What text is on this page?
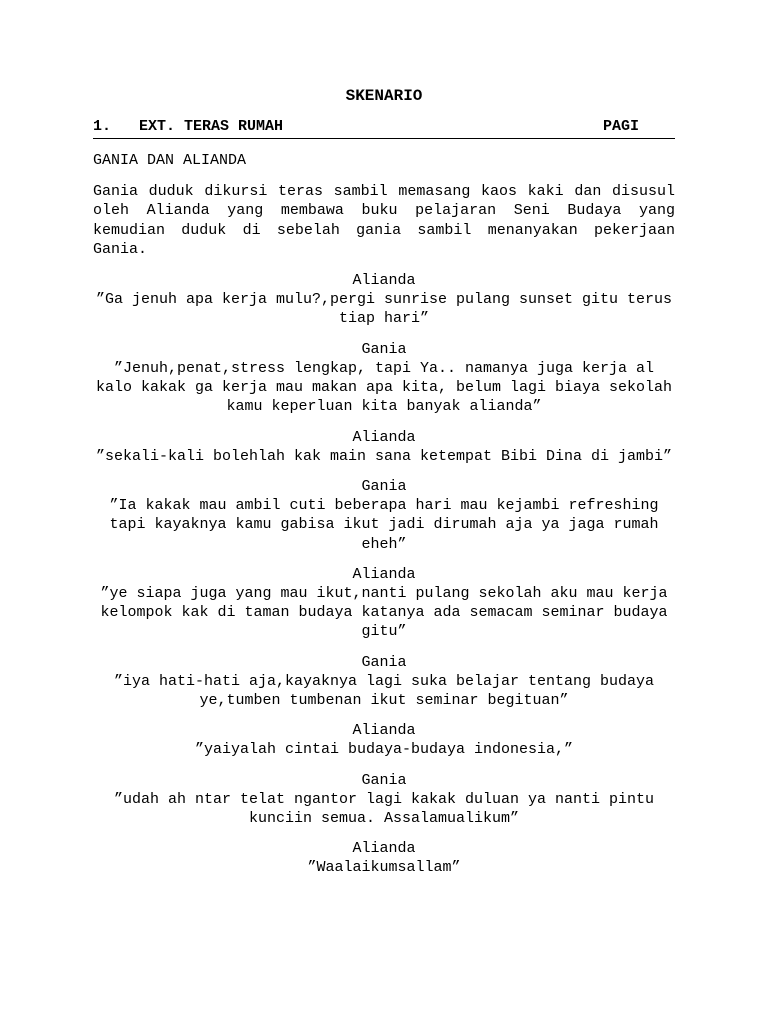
SKENARIO
1.	EXT. TERAS RUMAH	PAGI
GANIA DAN ALIANDA
Gania duduk dikursi teras sambil memasang kaos kaki dan disusul oleh Alianda yang membawa buku pelajaran Seni Budaya yang kemudian duduk di sebelah gania sambil menanyakan pekerjaan Gania.
Alianda
”Ga jenuh apa kerja mulu?,pergi sunrise pulang sunset gitu terus tiap hari”
Gania
”Jenuh,penat,stress lengkap, tapi Ya.. namanya juga kerja al kalo kakak ga kerja mau makan apa kita, belum lagi biaya sekolah kamu keperluan kita banyak alianda”
Alianda
”sekali-kali bolehlah kak main sana ketempat Bibi Dina di jambi”
Gania
”Ia kakak mau ambil cuti beberapa hari mau kejambi refreshing tapi kayaknya kamu gabisa ikut jadi dirumah aja ya jaga rumah eheh”
Alianda
”ye siapa juga yang mau ikut,nanti pulang sekolah aku mau kerja kelompok kak di taman budaya katanya ada semacam seminar budaya gitu”
Gania
”iya hati-hati aja,kayaknya lagi suka belajar tentang budaya ye,tumben tumbenan ikut seminar begituan”
Alianda
”yaiyalah cintai budaya-budaya indonesia,”
Gania
”udah ah ntar telat ngantor lagi kakak duluan ya nanti pintu kunciin semua. Assalamualikum”
Alianda
”Waalaikumsallam”
